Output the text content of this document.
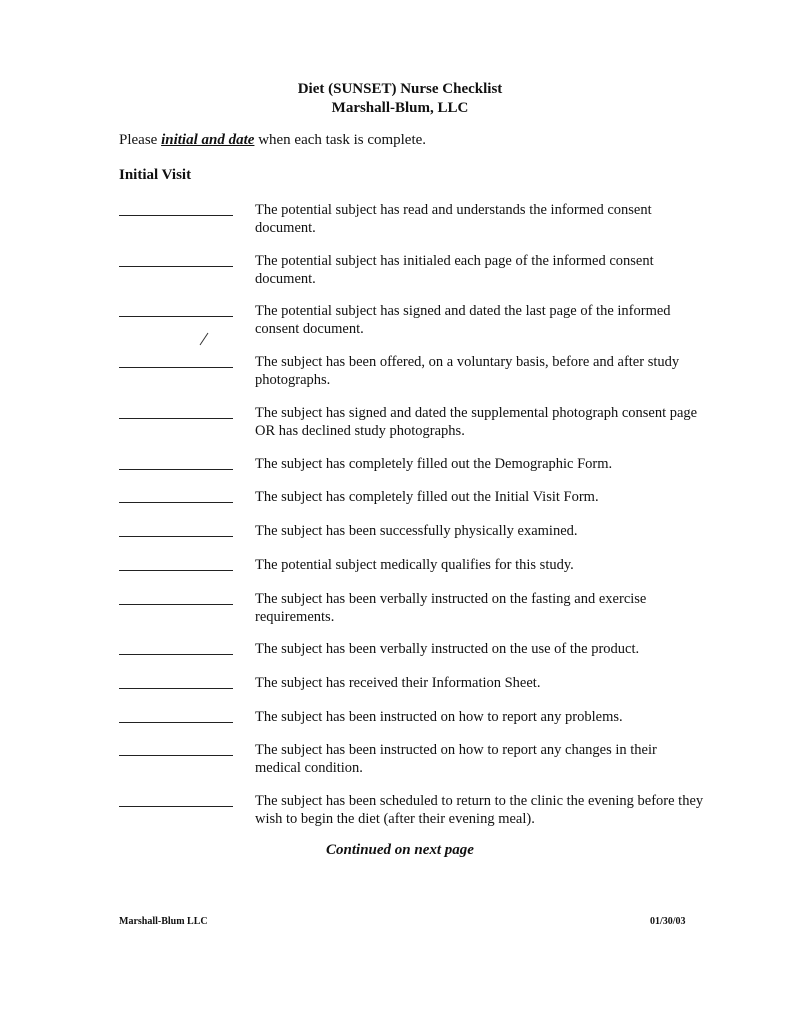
Diet (SUNSET) Nurse Checklist
Marshall-Blum, LLC
Please initial and date when each task is complete.
Initial Visit
The potential subject has read and understands the informed consent document.
The potential subject has initialed each page of the informed consent document.
The potential subject has signed and dated the last page of the informed consent document.
The subject has been offered, on a voluntary basis, before and after study photographs.
The subject has signed and dated the supplemental photograph consent page OR has declined study photographs.
The subject has completely filled out the Demographic Form.
The subject has completely filled out the Initial Visit Form.
The subject has been successfully physically examined.
The potential subject medically qualifies for this study.
The subject has been verbally instructed on the fasting and exercise requirements.
The subject has been verbally instructed on the use of the product.
The subject has received their Information Sheet.
The subject has been instructed on how to report any problems.
The subject has been instructed on how to report any changes in their medical condition.
The subject has been scheduled to return to the clinic the evening before they wish to begin the diet (after their evening meal).
Continued on next page
Marshall-Blum LLC	01/30/03
